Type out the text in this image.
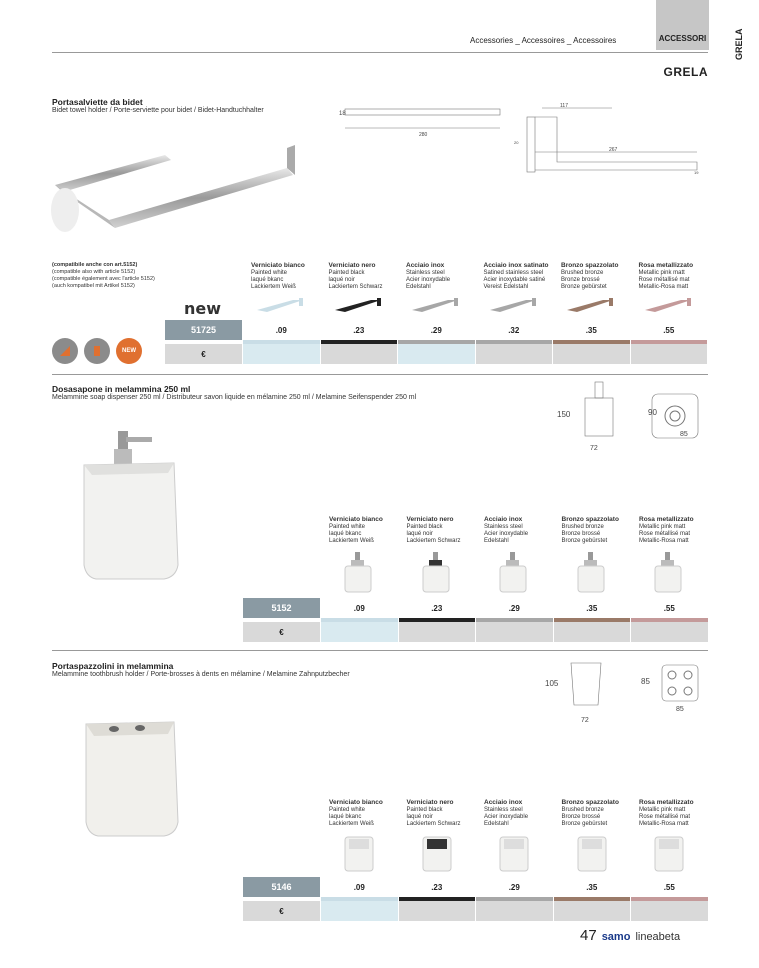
Accessories _ Accessoires _ Accessoires	ACCESSORI	GRELA
GRELA
Portasalviette da bidet
Bidet towel holder / Porte-serviette pour bidet / Bidet-Handtuchhalter	18
280
117
267
19
20
(compatibile anche con art.5152)
(compatible also with article 5152)
(compatible également avec l'article 5152)
(auch kompatibel mit Artikel 5152)
Verniciato bianco
Painted white
laqué bkanc
Lackiertem Weiß
.09
Verniciato nero
Painted black
laqué noir
Lackiertem Schwarz
.23
Acciaio inox
Stainless steel
Acier inoxydable
Edelstahl
.29
Acciaio inox satinato
Satined stainless steel
Acier inoxydable satiné
Vereist Edelstahl
.32
Bronzo spazzolato
Brushed bronze
Bronze brossé
Bronze gebürstet
.35
Rosa metallizzato
Metallic pink matt
Rose métallisé mat
Metallic-Rosa matt
.55
new
51725
€
NEW
Dosasapone in melammina 250 ml
Melammine soap dispenser 250 ml / Distributeur savon liquide en mélamine 250 ml / Melamine Seifenspender 250 ml
150
72
90
85
Verniciato bianco
Painted white
laqué bkanc
Lackiertem Weiß
.09
Verniciato nero
Painted black
laqué noir
Lackiertem Schwarz
.23
Acciaio inox
Stainless steel
Acier inoxydable
Edelstahl
.29
Bronzo spazzolato
Brushed bronze
Bronze brossé
Bronze gebürstet
.35
Rosa metallizzato
Metallic pink matt
Rose métallisé mat
Metallic-Rosa matt
.55
5152
€
Portaspazzolini in melammina
Melammine toothbrush holder / Porte-brosses à dents en mélamine / Melamine Zahnputzbecher
105
72
85
85
Verniciato bianco
Painted white
laqué bkanc
Lackiertem Weiß
.09
Verniciato nero
Painted black
laqué noir
Lackiertem Schwarz
.23
Acciaio inox
Stainless steel
Acier inoxydable
Edelstahl
.29
Bronzo spazzolato
Brushed bronze
Bronze brossé
Bronze gebürstet
.35
Rosa metallizzato
Metallic pink matt
Rose métallisé mat
Metallic-Rosa matt
.55
5146
€
47 samo lineabeta
